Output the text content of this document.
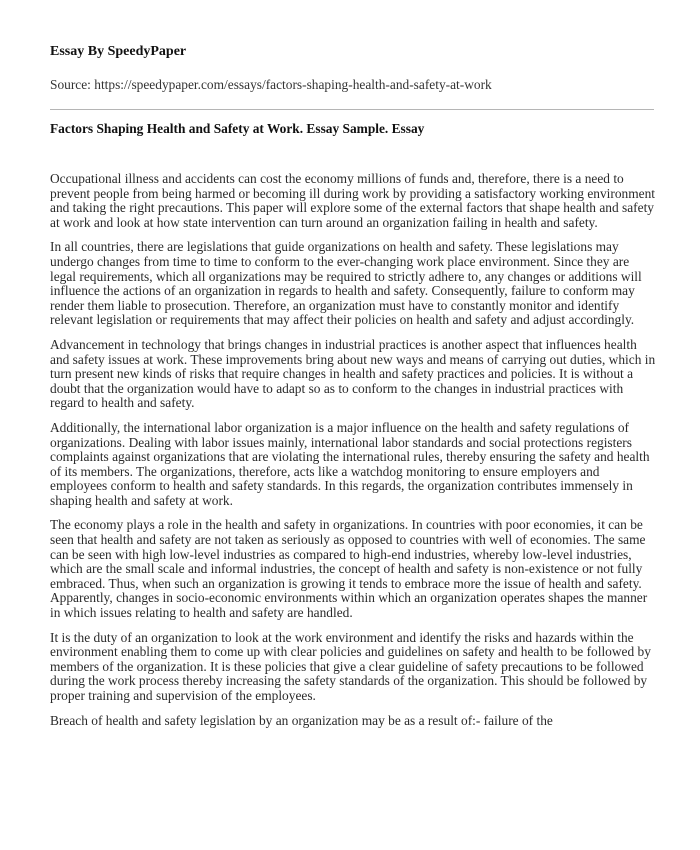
Essay By SpeedyPaper
Source: https://speedypaper.com/essays/factors-shaping-health-and-safety-at-work
Factors Shaping Health and Safety at Work. Essay Sample. Essay

Occupational illness and accidents can cost the economy millions of funds and, therefore, there is a need to prevent people from being harmed or becoming ill during work by providing a satisfactory working environment and taking the right precautions. This paper will explore some of the external factors that shape health and safety at work and look at how state intervention can turn around an organization failing in health and safety.

In all countries, there are legislations that guide organizations on health and safety. These legislations may undergo changes from time to time to conform to the ever-changing work place environment. Since they are legal requirements, which all organizations may be required to strictly adhere to, any changes or additions will influence the actions of an organization in regards to health and safety. Consequently, failure to conform may render them liable to prosecution. Therefore, an organization must have to constantly monitor and identify relevant legislation or requirements that may affect their policies on health and safety and adjust accordingly.

Advancement in technology that brings changes in industrial practices is another aspect that influences health and safety issues at work. These improvements bring about new ways and means of carrying out duties, which in turn present new kinds of risks that require changes in health and safety practices and policies. It is without a doubt that the organization would have to adapt so as to conform to the changes in industrial practices with regard to health and safety.

Additionally, the international labor organization is a major influence on the health and safety regulations of organizations. Dealing with labor issues mainly, international labor standards and social protections registers complaints against organizations that are violating the international rules, thereby ensuring the safety and health of its members. The organizations, therefore, acts like a watchdog monitoring to ensure employers and employees conform to health and safety standards. In this regards, the organization contributes immensely in shaping health and safety at work.

The economy plays a role in the health and safety in organizations. In countries with poor economies, it can be seen that health and safety are not taken as seriously as opposed to countries with well of economies. The same can be seen with high low-level industries as compared to high-end industries, whereby low-level industries, which are the small scale and informal industries, the concept of health and safety is non-existence or not fully embraced. Thus, when such an organization is growing it tends to embrace more the issue of health and safety. Apparently, changes in socio-economic environments within which an organization operates shapes the manner in which issues relating to health and safety are handled.

It is the duty of an organization to look at the work environment and identify the risks and hazards within the environment enabling them to come up with clear policies and guidelines on safety and health to be followed by members of the organization. It is these policies that give a clear guideline of safety precautions to be followed during the work process thereby increasing the safety standards of the organization. This should be followed by proper training and supervision of the employees.

Breach of health and safety legislation by an organization may be as a result of:- failure of the
